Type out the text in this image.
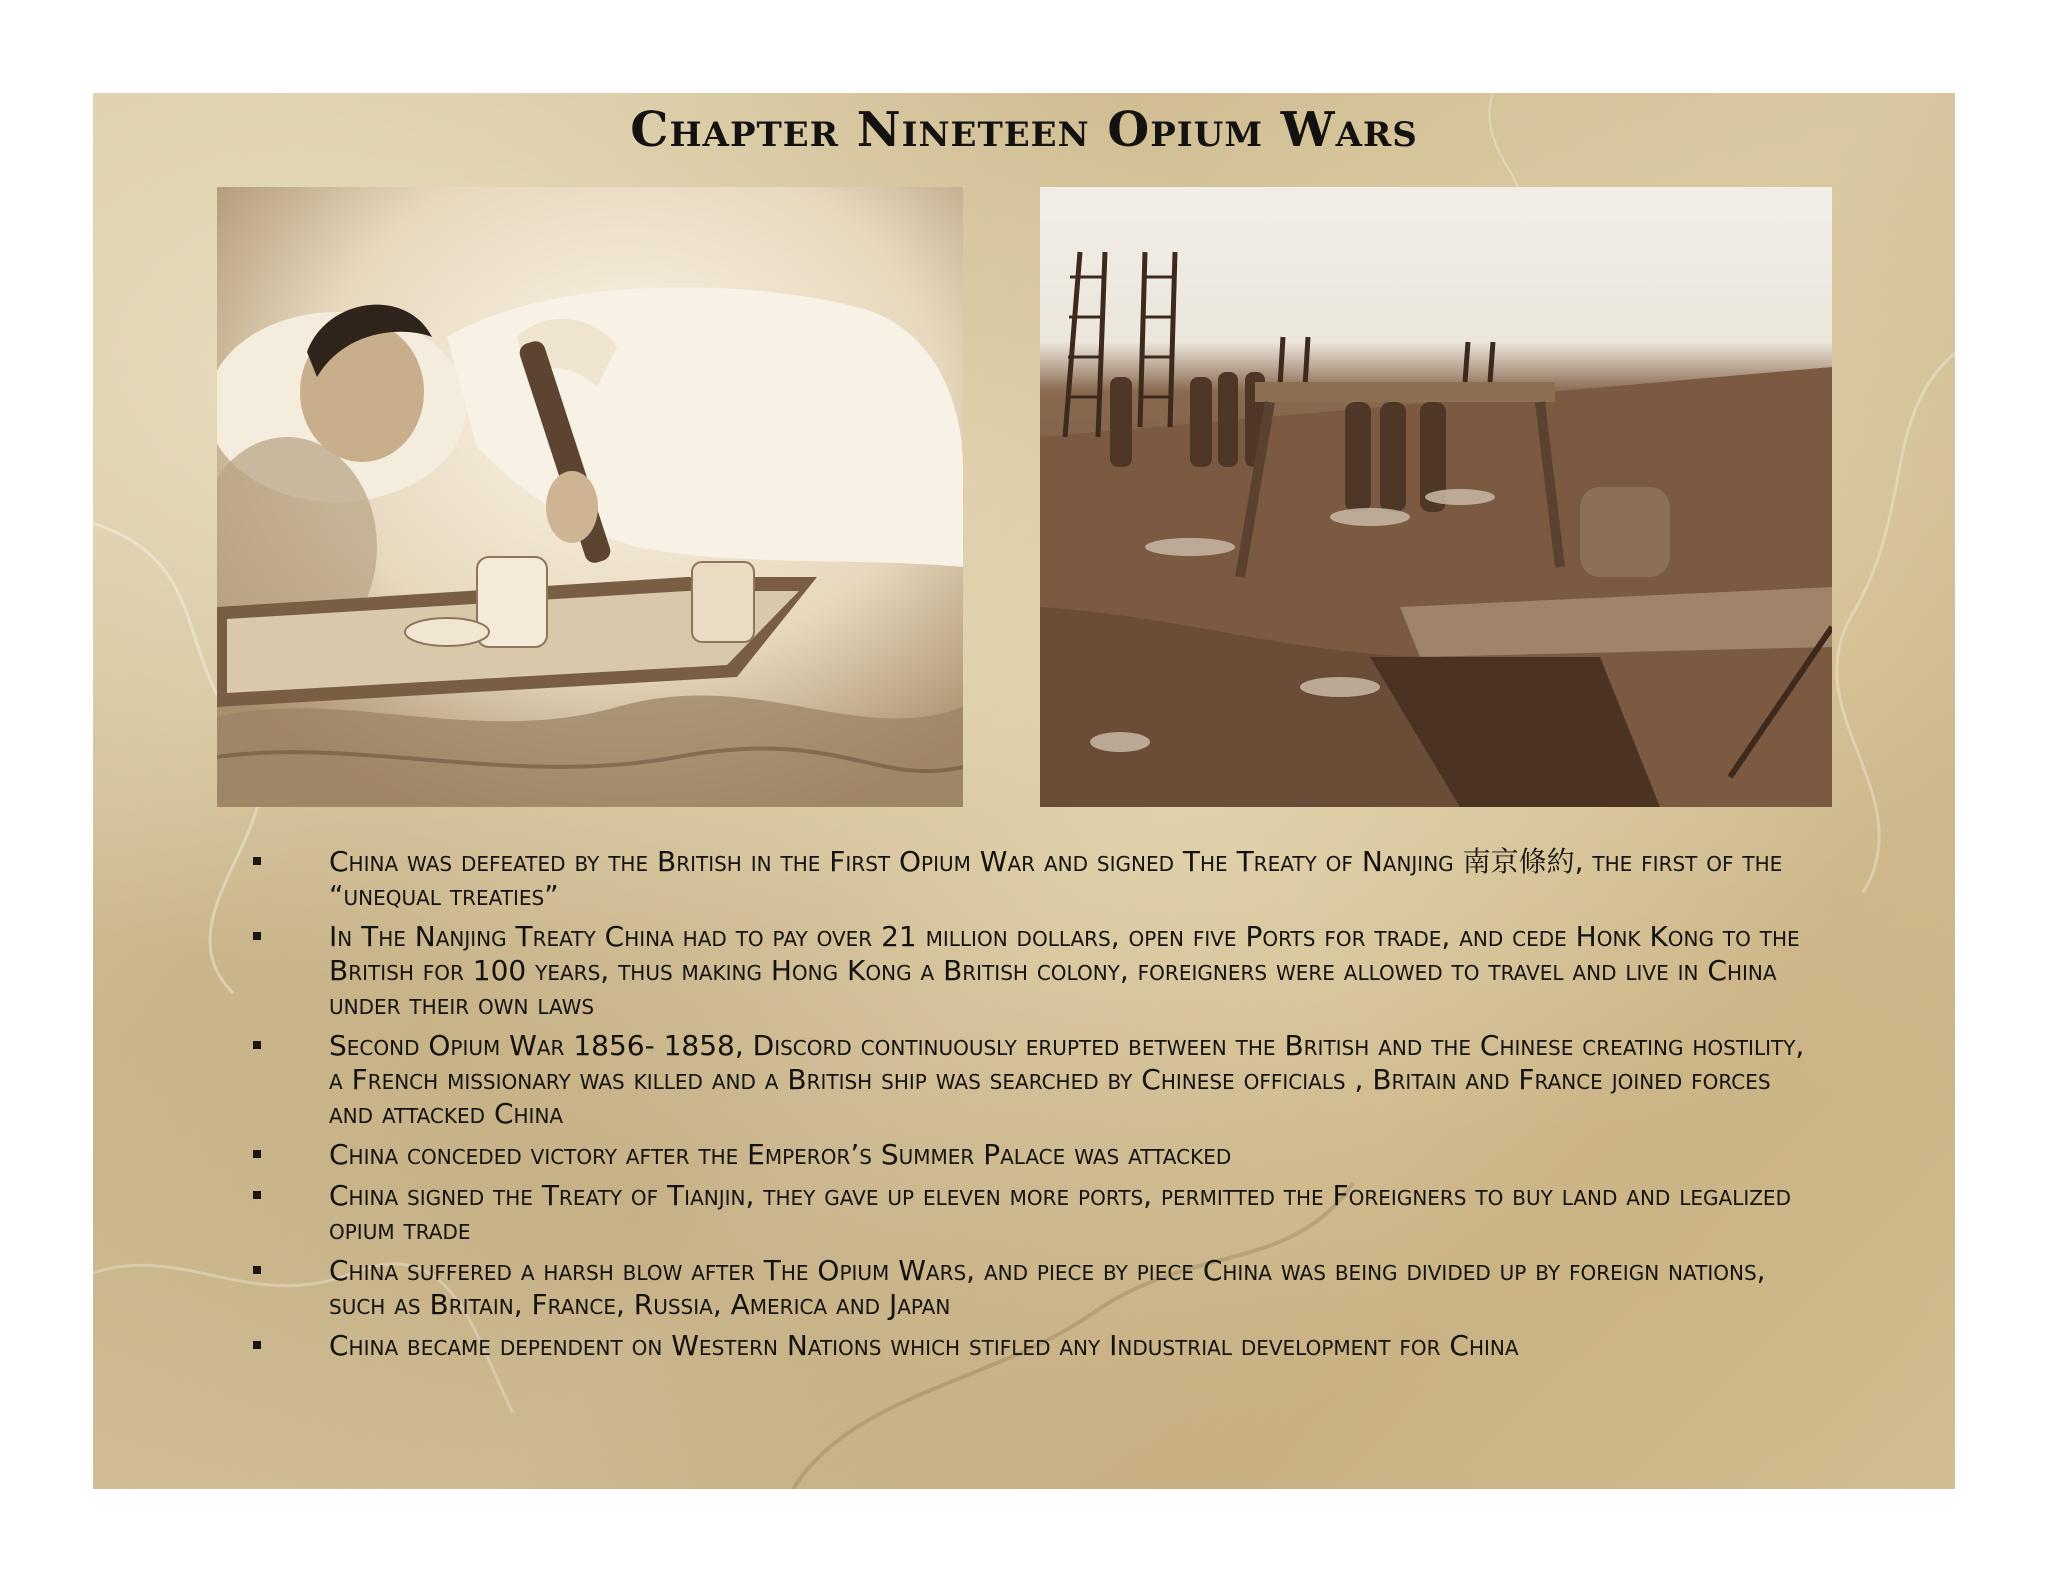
Chapter Nineteen Opium Wars
China was defeated by the British in the First Opium War and signed The Treaty of Nanjing 南京條約, the first of the “unequal treaties”
In The Nanjing Treaty China had to pay over 21 million dollars, open five Ports for trade, and cede Honk Kong to the British for 100 years, thus making Hong Kong a British colony, foreigners were allowed to travel and live in China under their own laws
Second Opium War 1856- 1858, Discord continuously erupted between the British and the Chinese creating hostility, a French missionary was killed and a British ship was searched by Chinese officials , Britain and France joined forces and attacked China
China conceded victory after the Emperor’s Summer Palace was attacked
China signed the Treaty of Tianjin, they gave up eleven more ports, permitted the Foreigners to buy land and legalized opium trade
China suffered a harsh blow after The Opium Wars, and piece by piece China was being divided up by foreign nations, such as Britain, France, Russia, America and Japan
China became dependent on Western Nations which stifled any Industrial development for China
